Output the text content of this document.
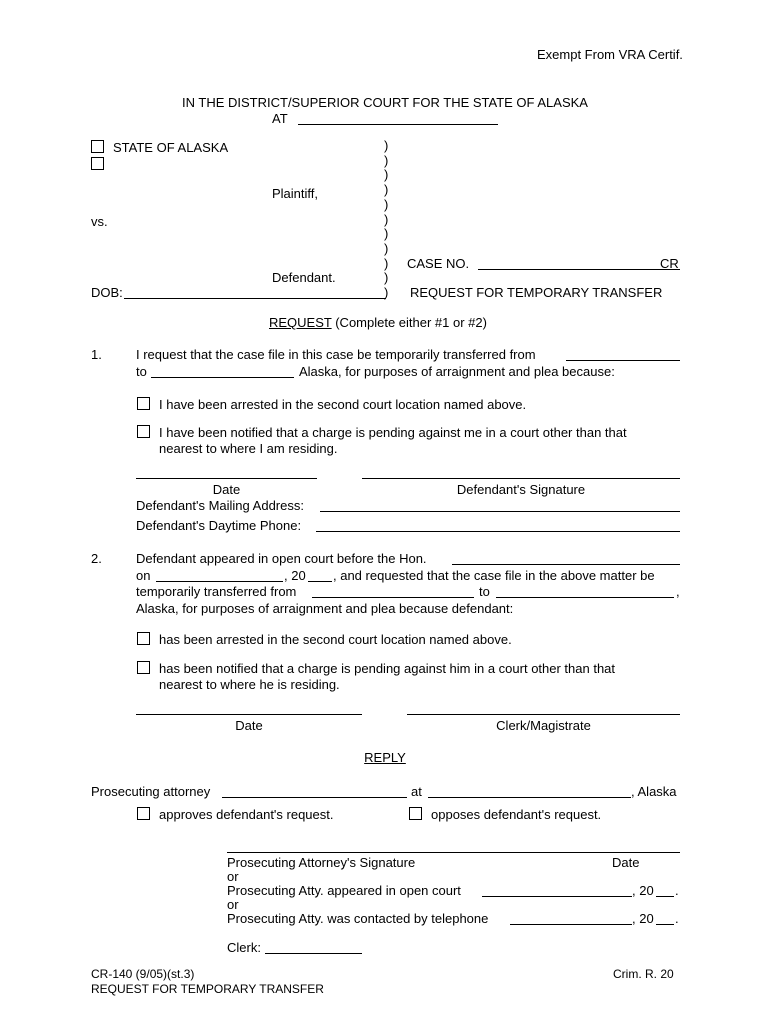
Exempt From VRA Certif.
IN THE DISTRICT/SUPERIOR COURT FOR THE STATE OF ALASKA
AT
STATE OF ALASKA
Plaintiff,
vs.
Defendant.
)
)
)
)
)
)
)
)
)
)
)
DOB:
CASE NO.	CR
REQUEST FOR TEMPORARY TRANSFER
REQUEST (Complete either #1 or #2)
1.	I request that the case file in this case be temporarily transferred from
to	Alaska, for purposes of arraignment and plea because:
I have been arrested in the second court location named above.
I have been notified that a charge is pending against me in a court other than that
nearest to where I am residing.
Date	Defendant's Signature
Defendant's Mailing Address:
Defendant's Daytime Phone:
2.	Defendant appeared in open court before the Hon.
on	, 20 , and requested that the case file in the above matter be
temporarily transferred from	to	,
Alaska, for purposes of arraignment and plea because defendant:
has been arrested in the second court location named above.
has been notified that a charge is pending against him in a court other than that
nearest to where he is residing.
Date	Clerk/Magistrate
REPLY
Prosecuting attorney	at	, Alaska
approves defendant's request.	opposes defendant's request.
Prosecuting Attorney's Signature	Date
or
Prosecuting Atty. appeared in open court	, 20 .
or
Prosecuting Atty. was contacted by telephone	, 20 .
Clerk:
CR-140 (9/05)(st.3)
REQUEST FOR TEMPORARY TRANSFER
Crim. R. 20
